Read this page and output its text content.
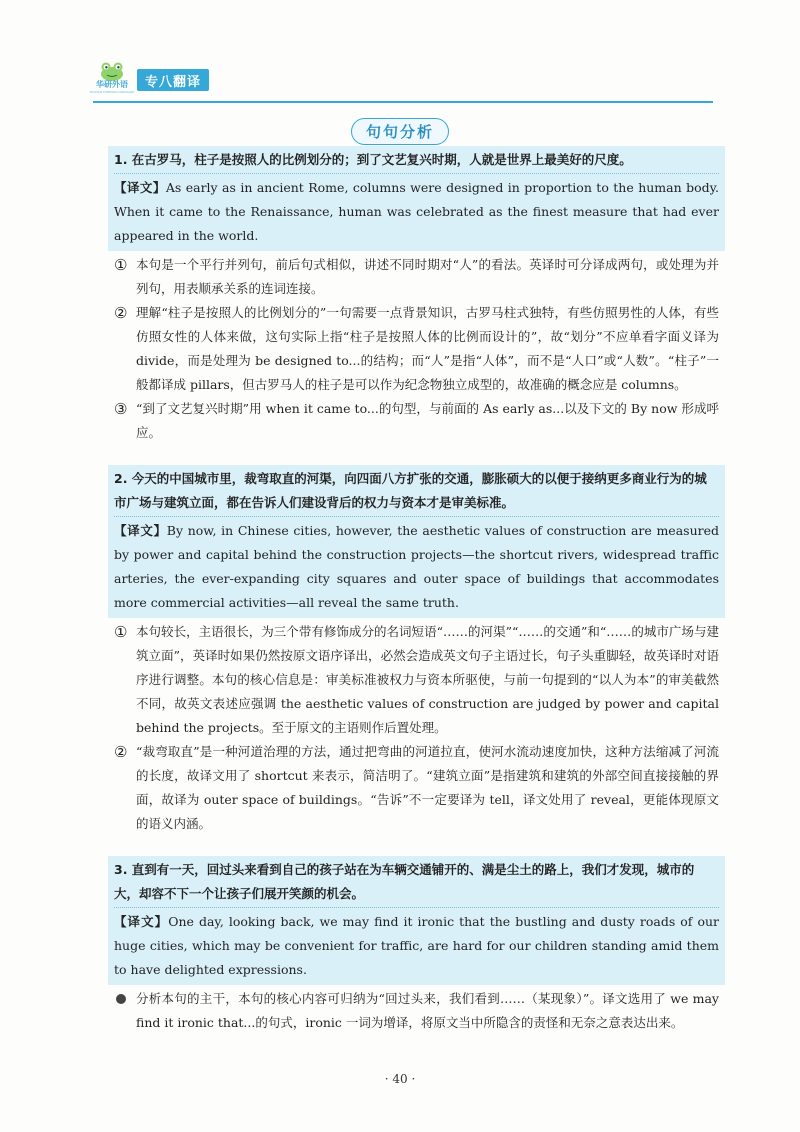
华研外语
HUAYAN FOREIGN LANGUAGE
专八翻译
句句分析
1. 在古罗马，柱子是按照人的比例划分的；到了文艺复兴时期，人就是世界上最美好的尺度。
【译文】As early as in ancient Rome, columns were designed in proportion to the human body. When it came to the Renaissance, human was celebrated as the finest measure that had ever appeared in the world.
① 本句是一个平行并列句，前后句式相似，讲述不同时期对“人”的看法。英译时可分译成两句，或处理为并列句，用表顺承关系的连词连接。
② 理解“柱子是按照人的比例划分的”一句需要一点背景知识，古罗马柱式独特，有些仿照男性的人体，有些仿照女性的人体来做，这句实际上指“柱子是按照人体的比例而设计的”，故“划分”不应单看字面义译为 divide，而是处理为 be designed to...的结构；而“人”是指“人体”，而不是“人口”或“人数”。“柱子”一般都译成 pillars，但古罗马人的柱子是可以作为纪念物独立成型的，故准确的概念应是 columns。
③ “到了文艺复兴时期”用 when it came to...的句型，与前面的 As early as...以及下文的 By now 形成呼应。
2. 今天的中国城市里，裁弯取直的河渠，向四面八方扩张的交通，膨胀硕大的以便于接纳更多商业行为的城市广场与建筑立面，都在告诉人们建设背后的权力与资本才是审美标准。
【译文】By now, in Chinese cities, however, the aesthetic values of construction are measured by power and capital behind the construction projects—the shortcut rivers, widespread traffic arteries, the ever-expanding city squares and outer space of buildings that accommodates more commercial activities—all reveal the same truth.
① 本句较长，主语很长，为三个带有修饰成分的名词短语“……的河渠”“……的交通”和“……的城市广场与建筑立面”，英译时如果仍然按原文语序译出，必然会造成英文句子主语过长，句子头重脚轻，故英译时对语序进行调整。本句的核心信息是：审美标准被权力与资本所驱使，与前一句提到的“以人为本”的审美截然不同，故英文表述应强调 the aesthetic values of construction are judged by power and capital behind the projects。至于原文的主语则作后置处理。
② “裁弯取直”是一种河道治理的方法，通过把弯曲的河道拉直，使河水流动速度加快，这种方法缩减了河流的长度，故译文用了 shortcut 来表示，简洁明了。“建筑立面”是指建筑和建筑的外部空间直接接触的界面，故译为 outer space of buildings。“告诉”不一定要译为 tell，译文处用了 reveal，更能体现原文的语义内涵。
3. 直到有一天，回过头来看到自己的孩子站在为车辆交通铺开的、满是尘土的路上，我们才发现，城市的大，却容不下一个让孩子们展开笑颜的机会。
【译文】One day, looking back, we may find it ironic that the bustling and dusty roads of our huge cities, which may be convenient for traffic, are hard for our children standing amid them to have delighted expressions.
分析本句的主干，本句的核心内容可归纳为“回过头来，我们看到……（某现象）”。译文选用了 we may find it ironic that...的句式，ironic 一词为增译，将原文当中所隐含的责怪和无奈之意表达出来。
· 40 ·
